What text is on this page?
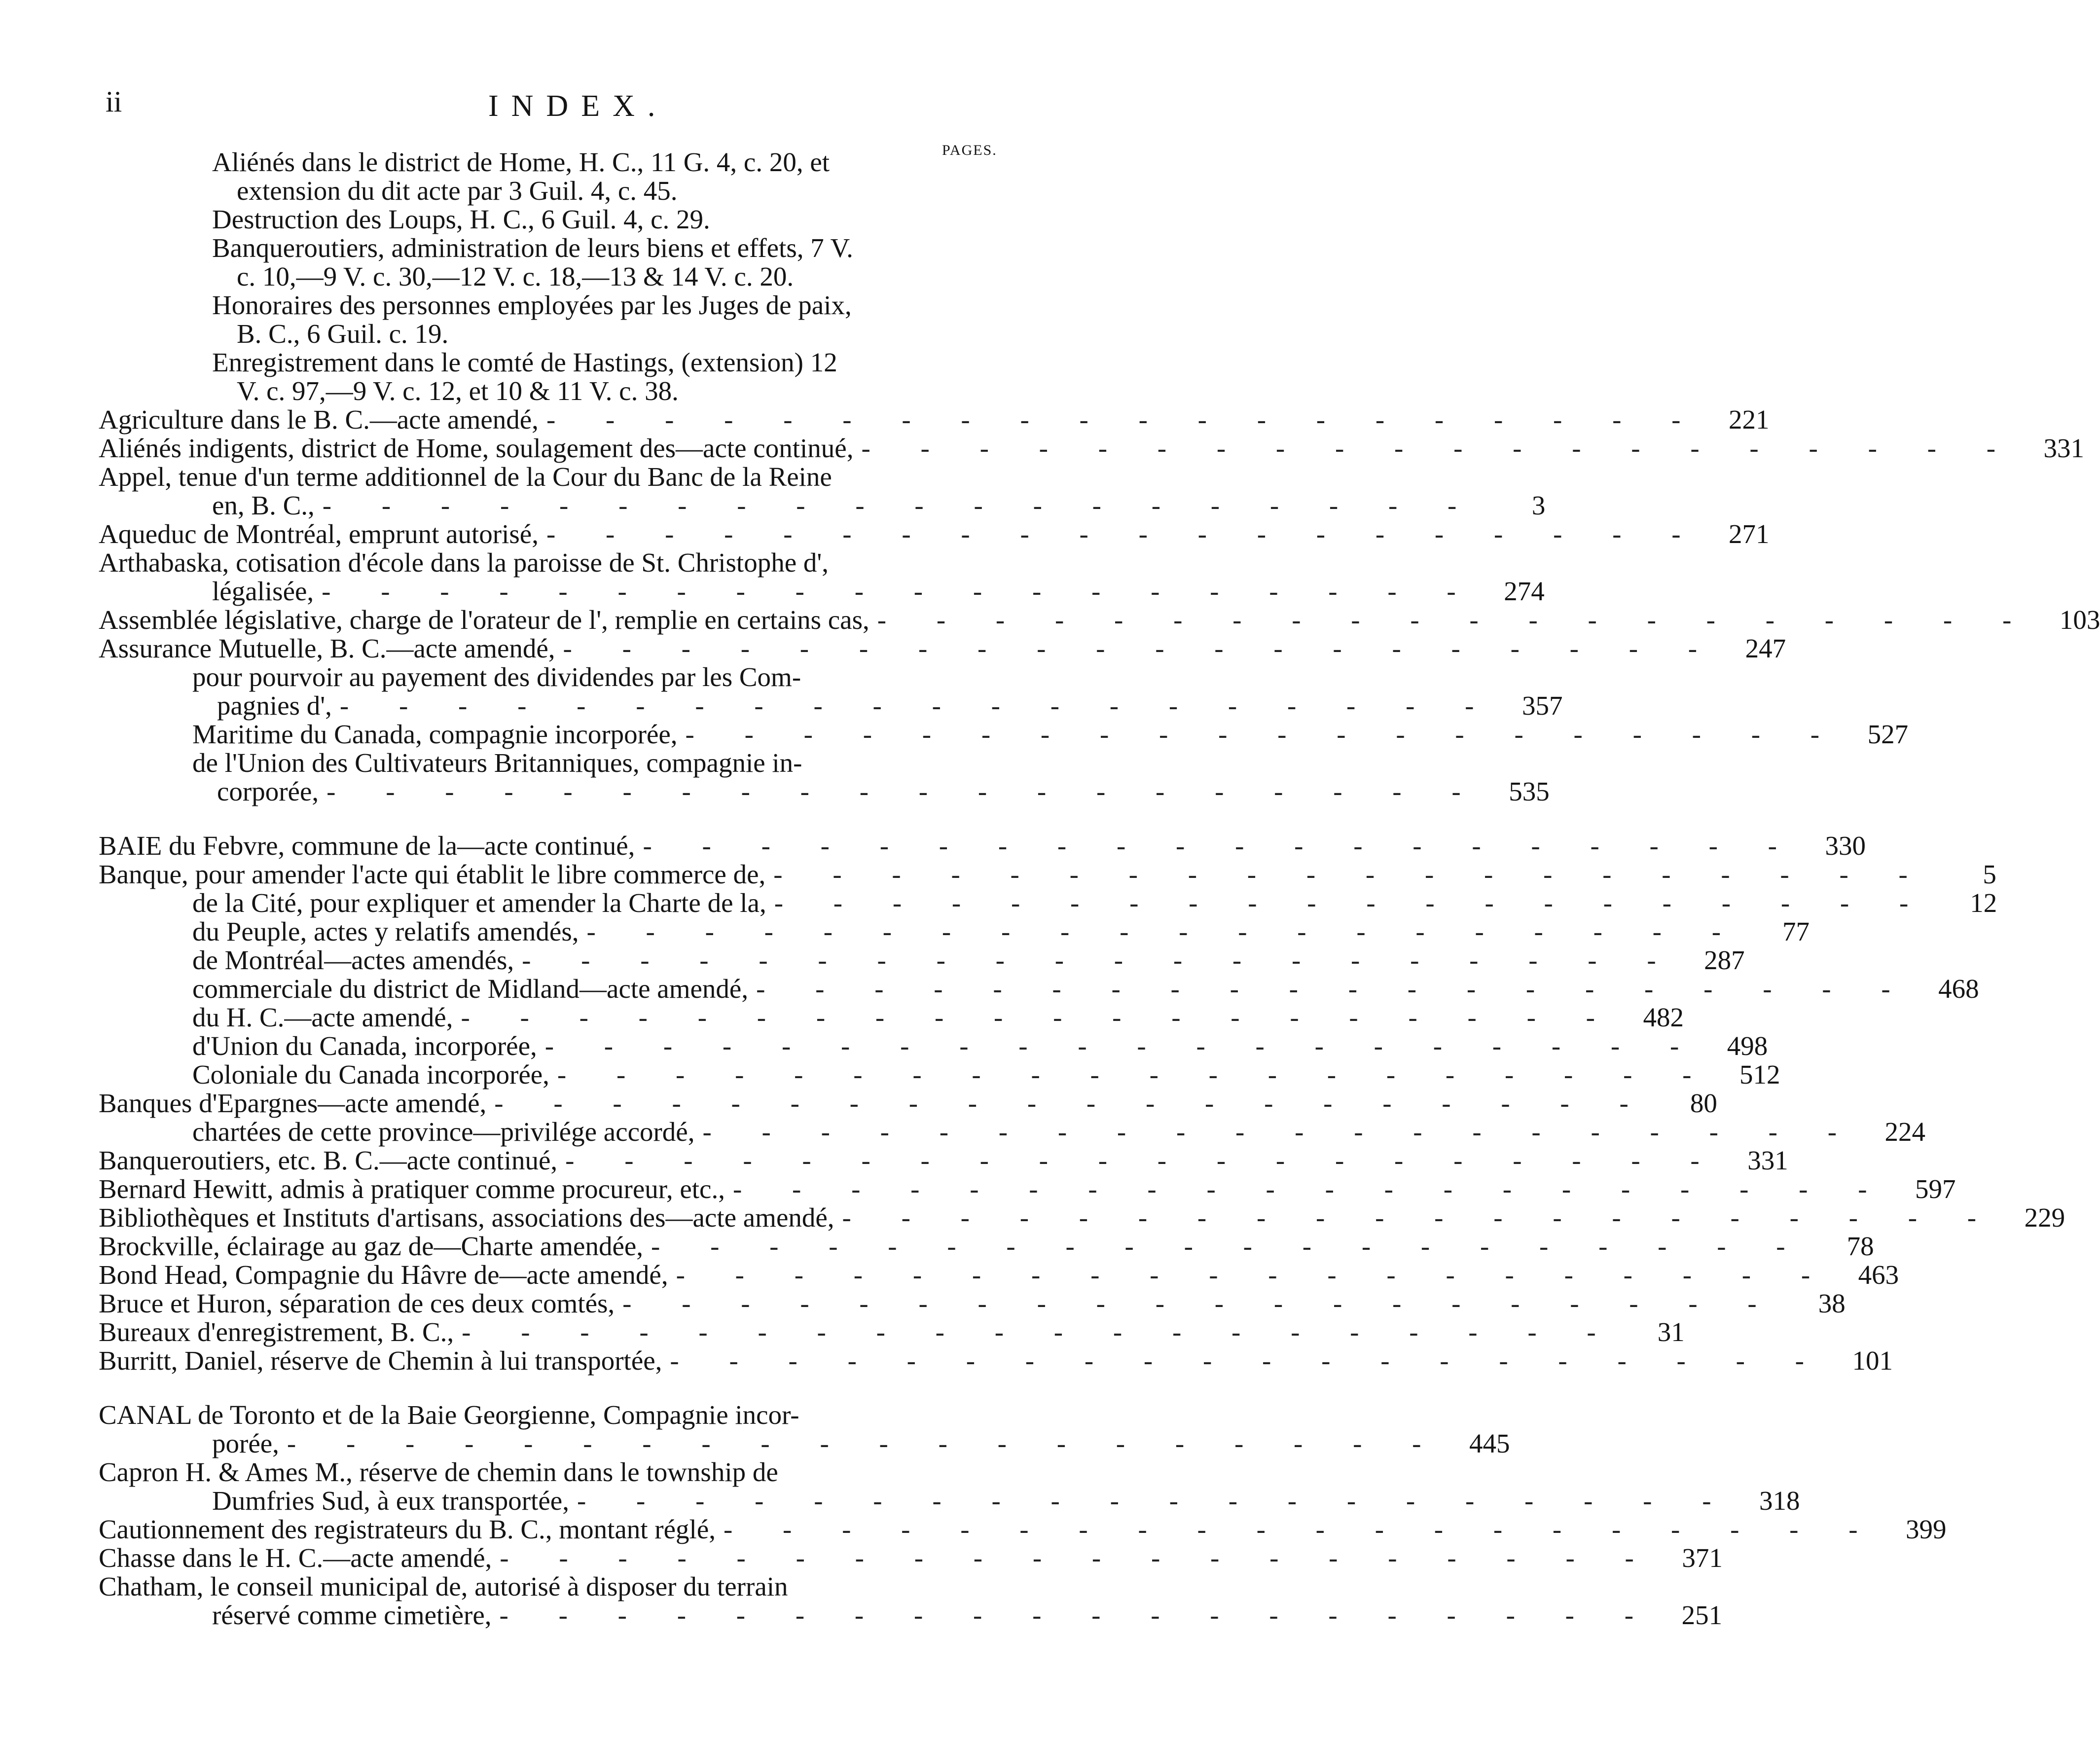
ii	INDEX.
PAGES.
Aliénés dans le district de Home, H. C., 11 G. 4, c. 20, et
extension du dit acte par 3 Guil. 4, c. 45.
Destruction des Loups, H. C., 6 Guil. 4, c. 29.
Banqueroutiers, administration de leurs biens et effets, 7 V.
c. 10,—9 V. c. 30,—12 V. c. 18,—13 & 14 V. c. 20.
Honoraires des personnes employées par les Juges de paix,
B. C., 6 Guil. c. 19.
Enregistrement dans le comté de Hastings, (extension) 12
V. c. 97,—9 V. c. 12, et 10 & 11 V. c. 38.
Agriculture dans le B. C.—acte amendé, - - - - - - - - - - - - - - - - - - - - 221
Aliénés indigents, district de Home, soulagement des—acte continué, - - - - - - - - - - - - - - - - - - - - 331
Appel, tenue d'un terme additionnel de la Cour du Banc de la Reine
en, B. C., - - - - - - - - - - - - - - - - - - - -	3
Aqueduc de Montréal, emprunt autorisé, - - - - - - - - - - - - - - - - - - - - 271
Arthabaska, cotisation d'école dans la paroisse de St. Christophe d',
légalisée, - - - - - - - - - - - - - - - - - - - - 274
Assemblée législative, charge de l'orateur de l', remplie en certains cas, - - - - - - - - - - - - - - - - - - - - 103
Assurance Mutuelle, B. C.—acte amendé, - - - - - - - - - - - - - - - - - - - - 247
pour pourvoir au payement des dividendes par les Com-
pagnies d', - - - - - - - - - - - - - - - - - - - - 357
Maritime du Canada, compagnie incorporée, - - - - - - - - - - - - - - - - - - - - 527
de l'Union des Cultivateurs Britanniques, compagnie in-
corporée, - - - - - - - - - - - - - - - - - - - - 535
BAIE du Febvre, commune de la—acte continué, - - - - - - - - - - - - - - - - - - - - 330
Banque, pour amender l'acte qui établit le libre commerce de, - - - - - - - - - - - - - - - - - - - -	5
de la Cité, pour expliquer et amender la Charte de la, - - - - - - - - - - - - - - - - - - - -	12
du Peuple, actes y relatifs amendés, - - - - - - - - - - - - - - - - - - - -	77
de Montréal—actes amendés, - - - - - - - - - - - - - - - - - - - - 287
commerciale du district de Midland—acte amendé, - - - - - - - - - - - - - - - - - - - - 468
du H. C.—acte amendé, - - - - - - - - - - - - - - - - - - - - 482
d'Union du Canada, incorporée, - - - - - - - - - - - - - - - - - - - - 498
Coloniale du Canada incorporée, - - - - - - - - - - - - - - - - - - - - 512
Banques d'Epargnes—acte amendé, - - - - - - - - - - - - - - - - - - - -	80
chartées de cette province—privilége accordé, - - - - - - - - - - - - - - - - - - - - 224
Banqueroutiers, etc. B. C.—acte continué, - - - - - - - - - - - - - - - - - - - - 331
Bernard Hewitt, admis à pratiquer comme procureur, etc., - - - - - - - - - - - - - - - - - - - - 597
Bibliothèques et Instituts d'artisans, associations des—acte amendé, - - - - - - - - - - - - - - - - - - - - 229
Brockville, éclairage au gaz de—Charte amendée, - - - - - - - - - - - - - - - - - - - -	78
Bond Head, Compagnie du Hâvre de—acte amendé, - - - - - - - - - - - - - - - - - - - - 463
Bruce et Huron, séparation de ces deux comtés, - - - - - - - - - - - - - - - - - - - -	38
Bureaux d'enregistrement, B. C., - - - - - - - - - - - - - - - - - - - -	31
Burritt, Daniel, réserve de Chemin à lui transportée, - - - - - - - - - - - - - - - - - - - - 101
CANAL de Toronto et de la Baie Georgienne, Compagnie incor-
porée, - - - - - - - - - - - - - - - - - - - - 445
Capron H. & Ames M., réserve de chemin dans le township de
Dumfries Sud, à eux transportée, - - - - - - - - - - - - - - - - - - - - 318
Cautionnement des registrateurs du B. C., montant réglé, - - - - - - - - - - - - - - - - - - - - 399
Chasse dans le H. C.—acte amendé, - - - - - - - - - - - - - - - - - - - - 371
Chatham, le conseil municipal de, autorisé à disposer du terrain
réservé comme cimetière, - - - - - - - - - - - - - - - - - - - - 251
